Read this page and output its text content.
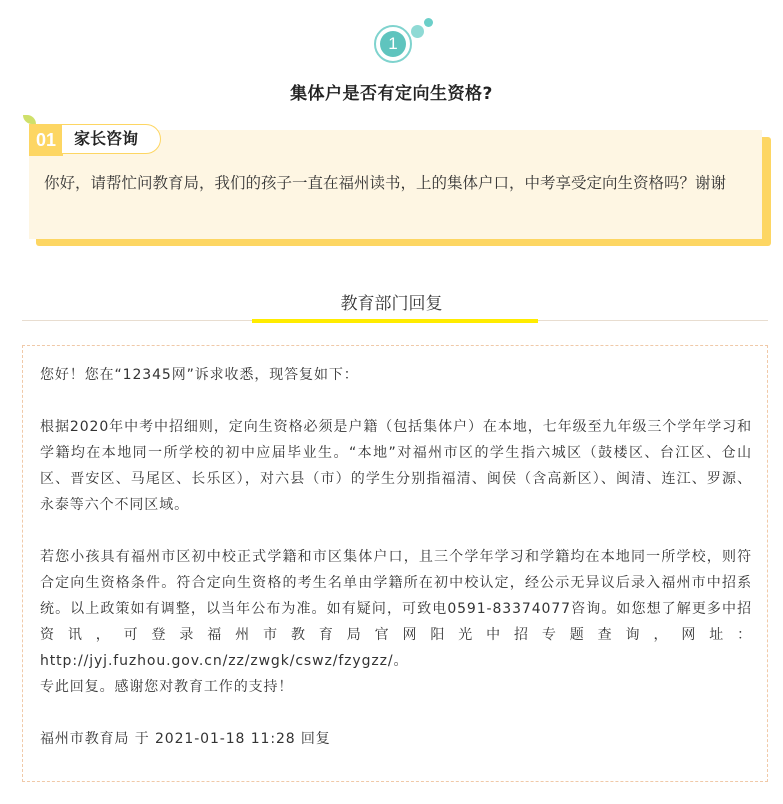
1
集体户是否有定向生资格?
01	家长咨询
你好，请帮忙问教育局，我们的孩子一直在福州读书，上的集体户口，中考享受定向生资格吗？谢谢
教育部门回复

您好！您在“12345网”诉求收悉，现答复如下：

根据2020年中考中招细则，定向生资格必须是户籍（包括集体户）在本地，七年级至九年级三个学年学习和学籍均在本地同一所学校的初中应届毕业生。“本地”对福州市区的学生指六城区（鼓楼区、台江区、仓山区、晋安区、马尾区、长乐区），对六县（市）的学生分别指福清、闽侯（含高新区）、闽清、连江、罗源、永泰等六个不同区域。

若您小孩具有福州市区初中校正式学籍和市区集体户口，且三个学年学习和学籍均在本地同一所学校，则符合定向生资格条件。符合定向生资格的考生名单由学籍所在初中校认定，经公示无异议后录入福州市中招系统。以上政策如有调整，以当年公布为准。如有疑问，可致电0591-83374077咨询。如您想了解更多中招资讯，可登录福州市教育局官网阳光中招专题查询，网址：http://jyj.fuzhou.gov.cn/zz/zwgk/cswz/fzygzz/。

专此回复。感谢您对教育工作的支持！

福州市教育局 于 2021-01-18 11:28 回复
